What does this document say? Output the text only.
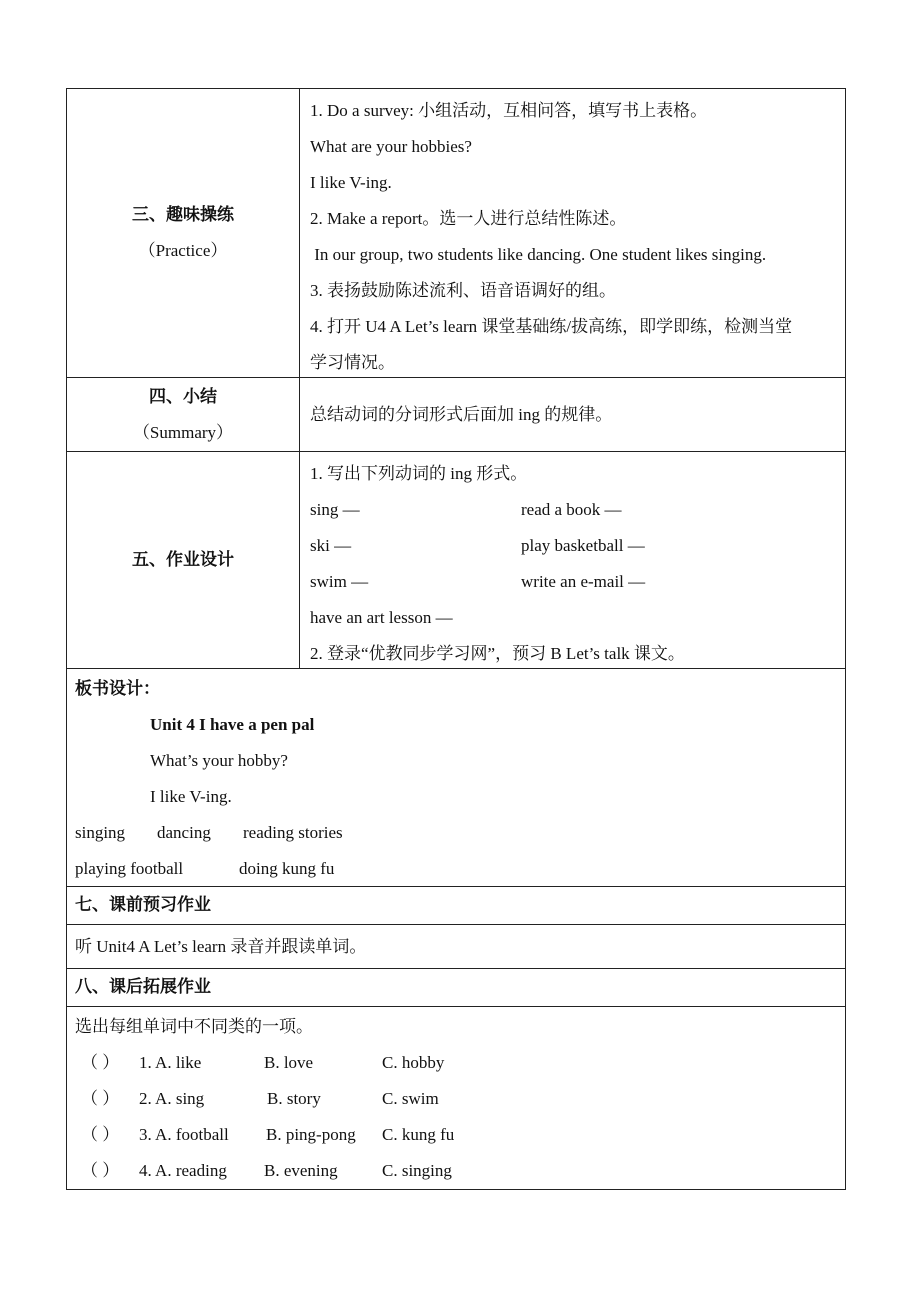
三、趣味操练
（Practice）
1. Do a survey: 小组活动，互相问答，填写书上表格。
What are your hobbies?
I like V-ing.
2. Make a report。选一人进行总结性陈述。
In our group, two students like dancing. One student likes singing.
3. 表扬鼓励陈述流利、语音语调好的组。
4. 打开 U4 A Let’s learn 课堂基础练/拔高练，即学即练，检测当堂
学习情况。
四、小结
（Summary）
总结动词的分词形式后面加 ing 的规律。
五、作业设计
1. 写出下列动词的 ing 形式。
sing —	read a book —
ski —	play basketball —
swim —	write an e-mail —
have an art lesson —
2. 登录“优教同步学习网”，预习 B Let’s talk 课文。
板书设计：
Unit 4 I have a pen pal
What’s your hobby?
I like V-ing.
singing dancing reading stories
playing football	doing kung fu
七、课前预习作业
听 Unit4 A Let’s learn 录音并跟读单词。
八、课后拓展作业
选出每组单词中不同类的一项。
（ ） 1. A. like	B. love	C. hobby
（ ） 2. A. sing	B. story	C. swim
（ ） 3. A. football B. ping-pong C. kung fu
（ ） 4. A. reading B. evening	C. singing
